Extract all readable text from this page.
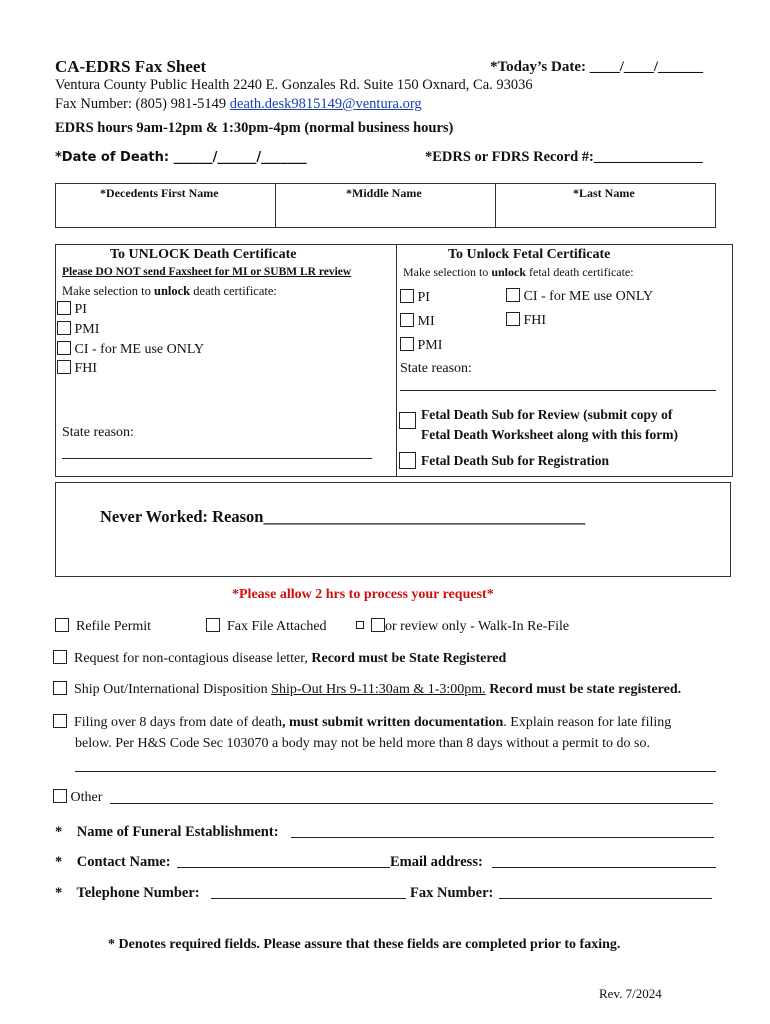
CA-EDRS Fax Sheet	*Today’s Date: ____/____/______
Ventura County Public Health 2240 E. Gonzales Rd. Suite 150 Oxnard, Ca. 93036
Fax Number: (805) 981-5149 death.desk9815149@ventura.org
EDRS hours 9am-12pm & 1:30pm-4pm (normal business hours)
*Date of Death: ______/______/_______	*EDRS or FDRS Record #:_______________
*Decedents First Name	*Middle Name	*Last Name
To UNLOCK Death Certificate
Please DO NOT send Faxsheet for MI or SUBM LR review
Make selection to unlock death certificate:
PI
PMI
CI - for ME use ONLY
FHI
State reason:
To Unlock Fetal Certificate
Make selection to unlock fetal death certificate:
PI
MI
PMI
CI - for ME use ONLY
FHI
State reason:
Fetal Death Sub for Review (submit copy of
Fetal Death Worksheet along with this form)
Fetal Death Sub for Registration
Never Worked: Reason_______________________________________
*Please allow 2 hrs to process your request*
Refile Permit	Fax File Attached	or review only - Walk-In Re-File
Request for non-contagious disease letter, Record must be State Registered
Ship Out/International Disposition Ship-Out Hrs 9-11:30am & 1-3:00pm. Record must be state registered.
Filing over 8 days from date of death, must submit written documentation. Explain reason for late filing
below. Per H&S Code Sec 103070 a body may not be held more than 8 days without a permit to do so.
Other
* Name of Funeral Establishment:
* Contact Name:	Email address:
* Telephone Number:	Fax Number:
* Denotes required fields. Please assure that these fields are completed prior to faxing.
Rev. 7/2024
